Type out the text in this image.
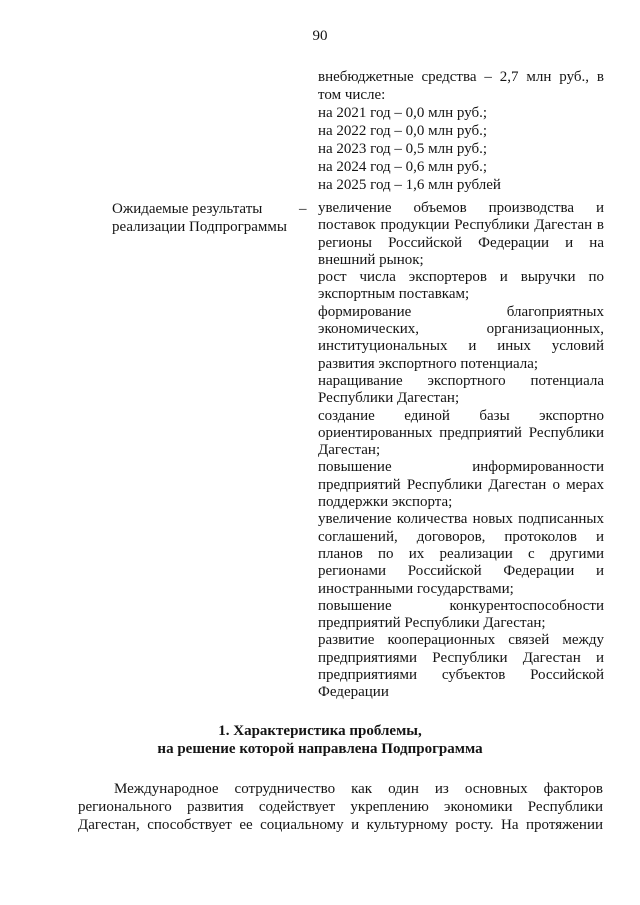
90
внебюджетные средства – 2,7 млн руб., в
том числе:
на 2021 год – 0,0 млн руб.;
на 2022 год – 0,0 млн руб.;
на 2023 год – 0,5 млн руб.;
на 2024 год – 0,6 млн руб.;
на 2025 год – 1,6 млн рублей
Ожидаемые результаты
реализации Подпрограммы
– увеличение объемов производства и
поставок продукции Республики Дагестан в
регионы Российской Федерации и на
внешний рынок;
рост числа экспортеров и выручки по
экспортным поставкам;
формирование благоприятных
экономических, организационных,
институциональных и иных условий
развития экспортного потенциала;
наращивание экспортного потенциала
Республики Дагестан;
создание единой базы экспортно
ориентированных предприятий Республики
Дагестан;
повышение информированности
предприятий Республики Дагестан о мерах
поддержки экспорта;
увеличение количества новых подписанных
соглашений, договоров, протоколов и
планов по их реализации с другими
регионами Российской Федерации и
иностранными государствами;
повышение конкурентоспособности
предприятий Республики Дагестан;
развитие кооперационных связей между
предприятиями Республики Дагестан и
предприятиями субъектов Российской
Федерации
1. Характеристика проблемы,
на решение которой направлена Подпрограмма
Международное сотрудничество как один из основных факторов
регионального развития содействует укреплению экономики Республики
Дагестан, способствует ее социальному и культурному росту. На протяжении
